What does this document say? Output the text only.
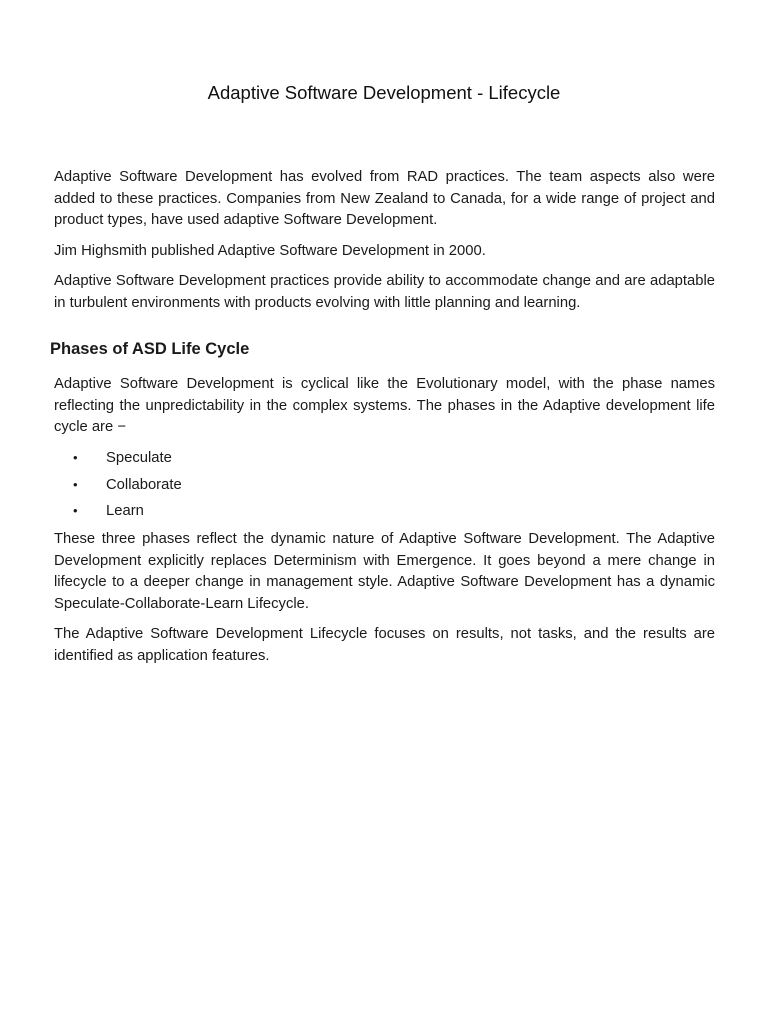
Adaptive Software Development - Lifecycle

Adaptive Software Development has evolved from RAD practices. The team aspects also were added to these practices. Companies from New Zealand to Canada, for a wide range of project and product types, have used adaptive Software Development.

Jim Highsmith published Adaptive Software Development in 2000.

Adaptive Software Development practices provide ability to accommodate change and are adaptable in turbulent environments with products evolving with little planning and learning.

Phases of ASD Life Cycle

Adaptive Software Development is cyclical like the Evolutionary model, with the phase names reflecting the unpredictability in the complex systems. The phases in the Adaptive development life cycle are −

• Speculate
• Collaborate
• Learn

These three phases reflect the dynamic nature of Adaptive Software Development. The Adaptive Development explicitly replaces Determinism with Emergence. It goes beyond a mere change in lifecycle to a deeper change in management style. Adaptive Software Development has a dynamic Speculate-Collaborate-Learn Lifecycle.

The Adaptive Software Development Lifecycle focuses on results, not tasks, and the results are identified as application features.
